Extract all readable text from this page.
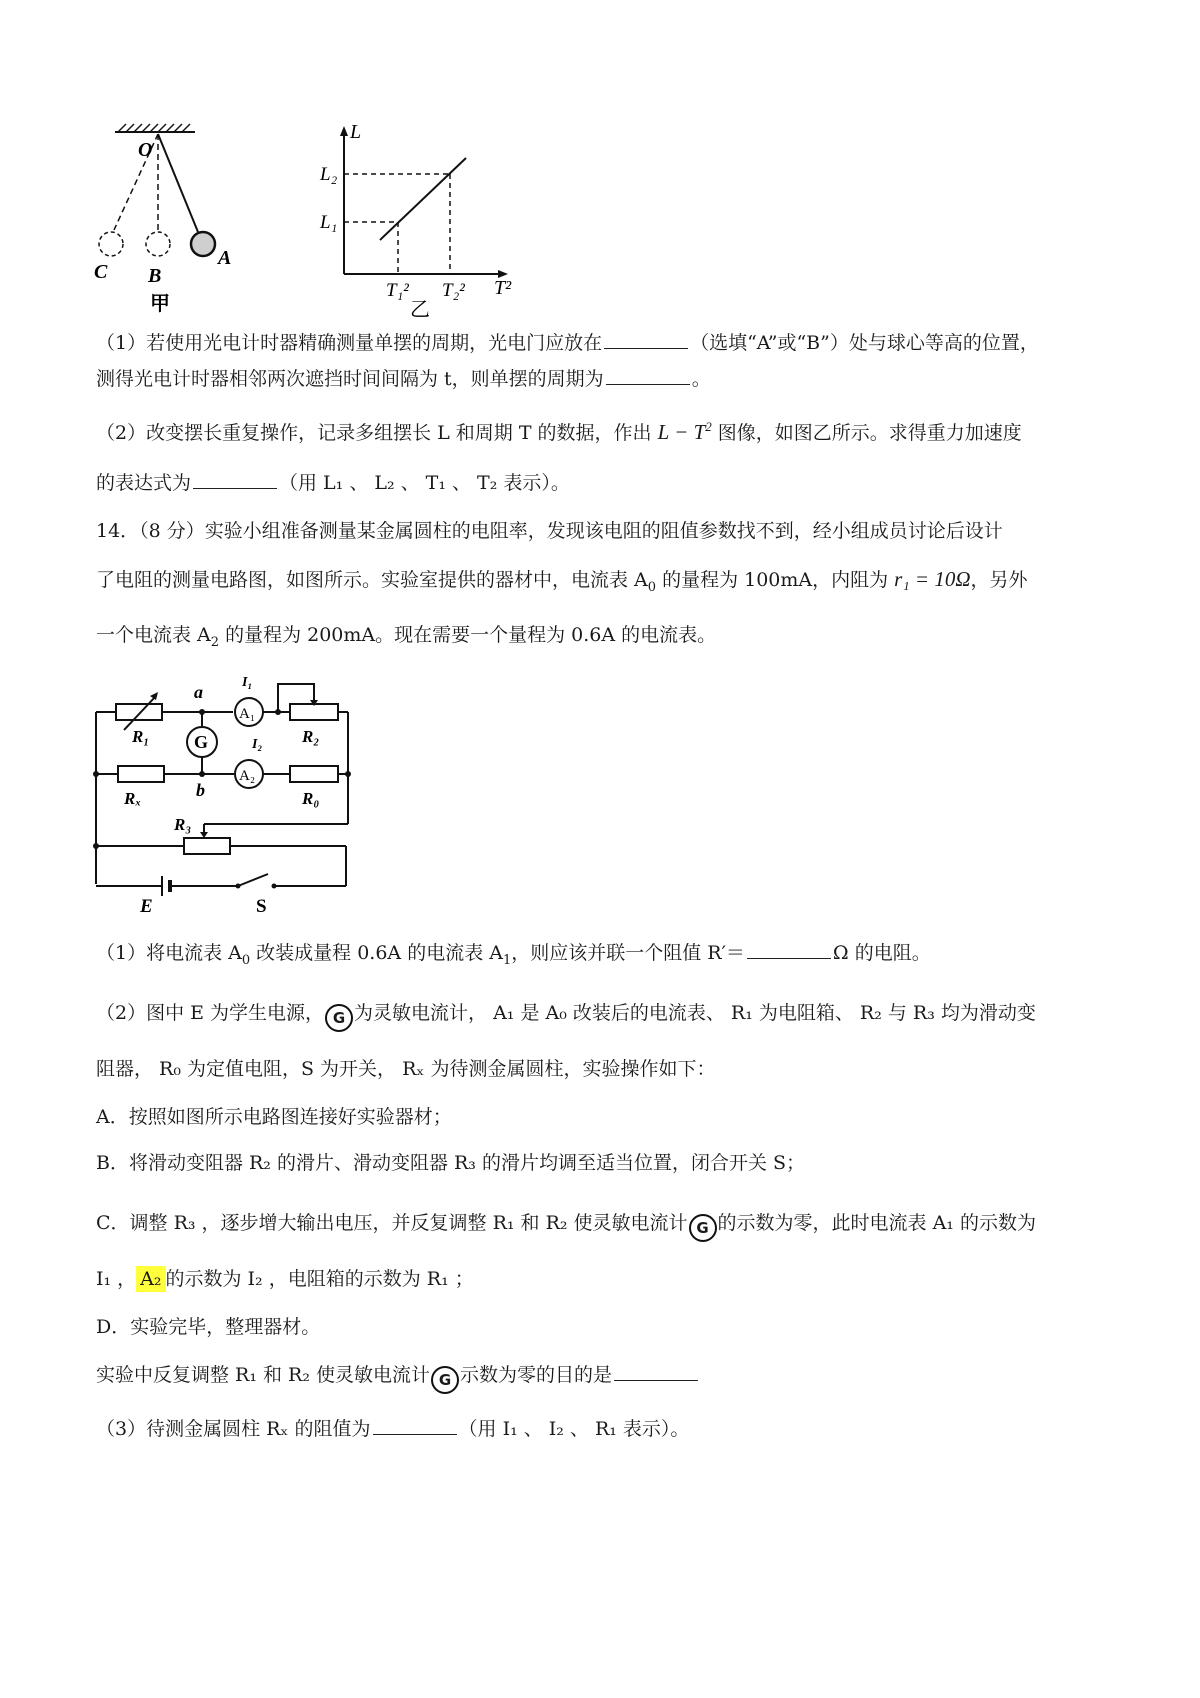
O
C B
A
甲
L
T²
L₂
L₁
T₁² T₂²
乙
（1）若使用光电计时器精确测量单摆的周期，光电门应放在	（选填“A”或“B”）处与球心等高的位置，
测得光电计时器相邻两次遮挡时间间隔为 t，则单摆的周期为	。
（2）改变摆长重复操作，记录多组摆长 L 和周期 T 的数据，作出 $L - T^2$ 图像，如图乙所示。求得重力加速度
的表达式为	（用 L₁ 、 L₂ 、 T₁ 、 T₂ 表示）。
14．（8 分）实验小组准备测量某金属圆柱的电阻率，发现该电阻的阻值参数找不到，经小组成员讨论后设计
了电阻的测量电路图，如图所示。实验室提供的器材中，电流表 $A_0$ 的量程为 100mA，内阻为 r₁ = 10Ω，另外
一个电流表 $A_2$ 的量程为 200mA。现在需要一个量程为 0.6A 的电流表。
a
b
R₁	R₂
Rₓ	R₀
R₃
A₁
A₂
I₁
I₂
G
E	S
（1）将电流表 $A_0$ 改装成量程 0.6A 的电流表 $A_1$，则应该并联一个阻值 R′＝	Ω 的电阻。
（2）图中 E 为学生电源， G 为灵敏电流计， A₁ 是 A₀ 改装后的电流表、 R₁ 为电阻箱、 R₂ 与 R₃ 均为滑动变
阻器， R₀ 为定值电阻，S 为开关， Rₓ 为待测金属圆柱，实验操作如下：
A．按照如图所示电路图连接好实验器材；
B．将滑动变阻器 R₂ 的滑片、滑动变阻器 R₃ 的滑片均调至适当位置，闭合开关 S；
C．调整 R₃ ，逐步增大输出电压，并反复调整 R₁ 和 R₂ 使灵敏电流计 G 的示数为零，此时电流表 A₁ 的示数为
I₁ ， A₂ 的示数为 I₂ ，电阻箱的示数为 R₁ ；
D．实验完毕，整理器材。
实验中反复调整 R₁ 和 R₂ 使灵敏电流计 G 示数为零的目的是
（3）待测金属圆柱 Rₓ 的阻值为	（用 I₁ 、 I₂ 、 R₁ 表示）。
